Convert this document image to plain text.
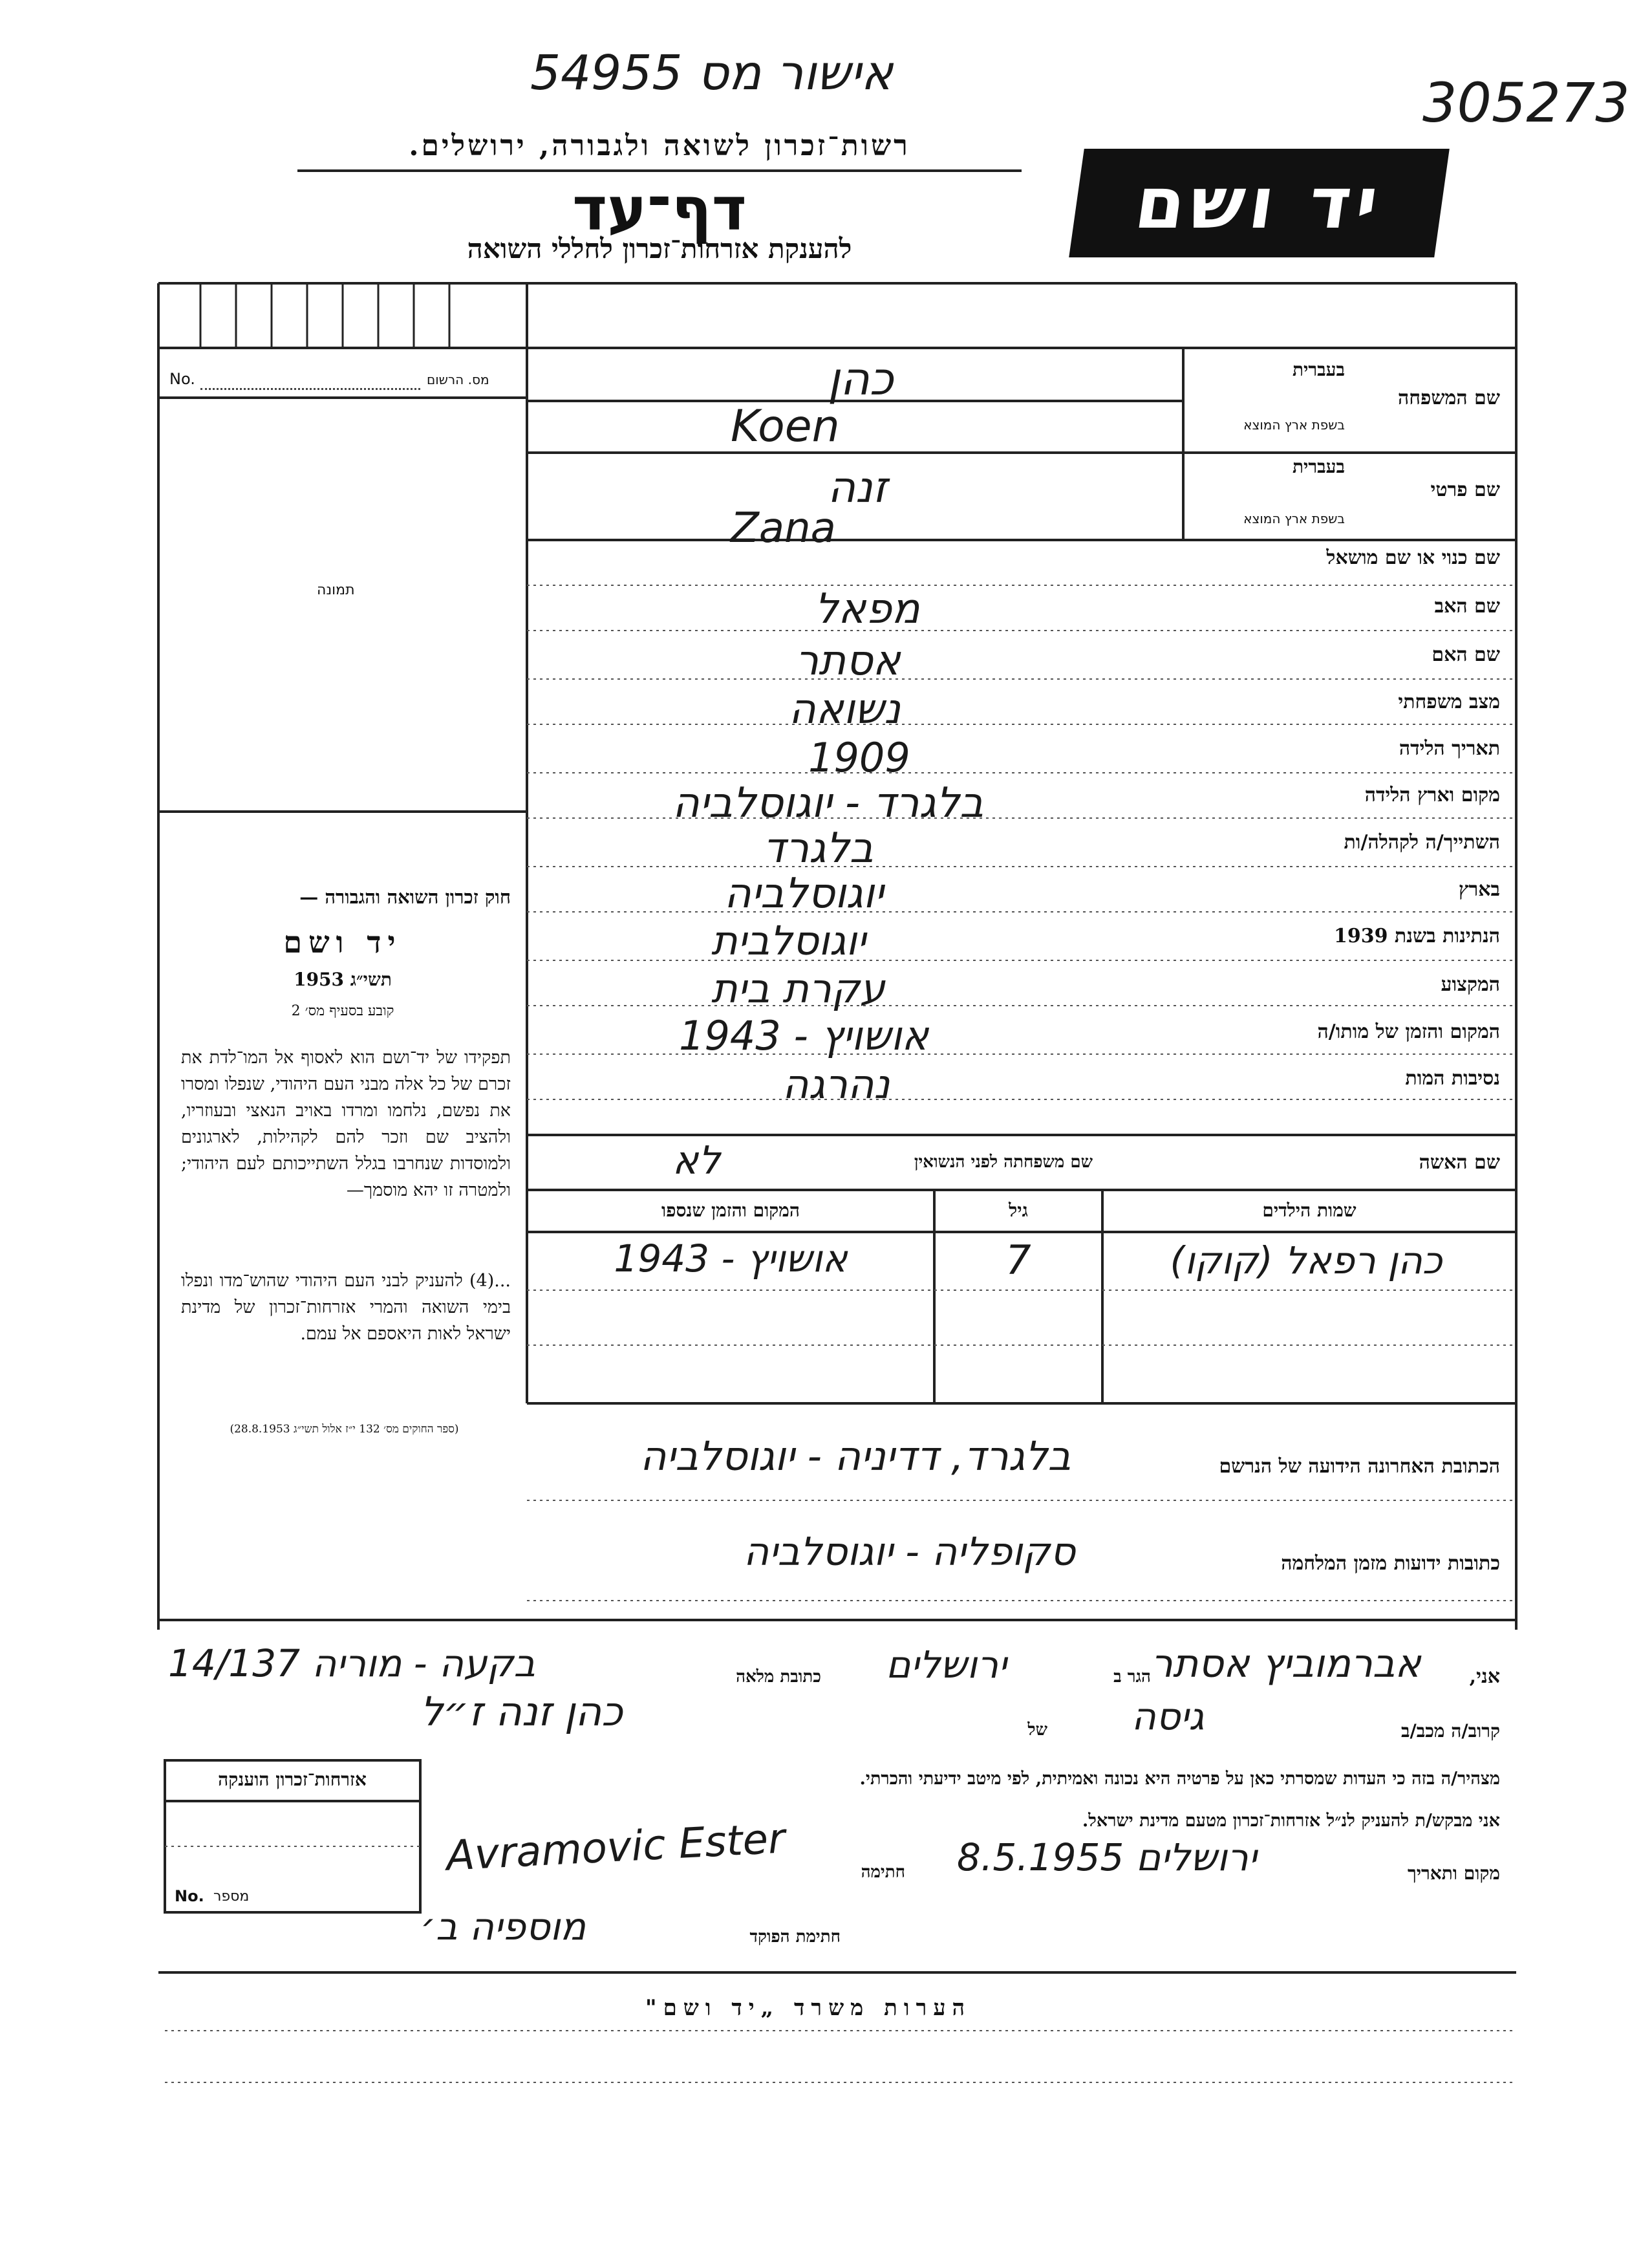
אישור מס 54955	305273
רשות־זכרון לשואה ולגבורה, ירושלים.
דף־עד
להענקת אזרחות־זכרון לחללי השואה
יד ושם
מס. הרשום
No.
תמונה
חוק זכרון השואה והגבורה —
יד ושם
תשי״ג 1953
קובע בסעיף מס׳ 2
תפקידו של יד־ושם הוא לאסוף אל המו־לדת את זכרם של כל אלה מבני העם היהודי, שנפלו ומסרו את נפשם, נלחמו ומרדו באויב הנאצי ובעוזריו, ולהציב שם וזכר להם לקהילות, לארגונים ולמוסדות שנחרבו בגלל השתייכותם לעם היהודי; ולמטרה זו יהא מוסמך—
...(4) להעניק לבני העם היהודי שהוש־מדו ונפלו בימי השואה והמרי אזרחות־זכרון של מדינת ישראל לאות היאספם אל עמם.
(ספר החוקים מס׳ 132 י״ז אלול תשי״ג 28.8.1953)
שם המשפחה
בעברית
בשפת ארץ המוצא
כהן
Koen
שם פרטי
בעברית
בשפת ארץ המוצא
זנה
Zana
שם כנוי או שם מושאל
שם האב
מפאל
שם האם
אסתר
מצב משפחתי
נשואה
תאריך הלידה
1909
מקום וארץ הלידה
בלגרד - יוגוסלביה
השתייך/ה לקהלה/ות
בלגרד
בארץ
יוגוסלביה
הנתינות בשנת 1939
יוגוסלבית
המקצוע
עקרת בית
המקום והזמן של מותו/ה
אושויץ - 1943
נסיבות המות
נהרגה
שם האשה
שם משפחתה לפני הנשואין
לא
שמות הילדים
גיל
המקום והזמן שנספו
כהן רפאל (קוקו)
7
אושויץ - 1943
הכתובת האחרונה הידועה של הנרשם
בלגרד, דדיניה - יוגוסלביה
כתובות ידועות מזמן המלחמה
סקופליה - יוגוסלביה
אני,
אברמוביץ אסתר
הגר ב
ירושלים
כתובת מלאה
בקעה - מוריה 14/137
קרוב/ה מכב/ב
גיסה
של
כהן זנה ז״ל
מצהיר/ה בזה כי העדות שמסרתי כאן על פרטיה היא נכונה ואמיתית, לפי מיטב ידיעתי והכרתי.
אני מבקש/ת להעניק לנ״ל אזרחות־זכרון מטעם מדינת ישראל.
מקום ותאריך
ירושלים 8.5.1955
חתימה
Avramovic Ester
חתימת הפוקד
מוספיה ב׳
אזרחות־זכרון הוענקה
מספר
No.
הערות משרד „יד ושם"
